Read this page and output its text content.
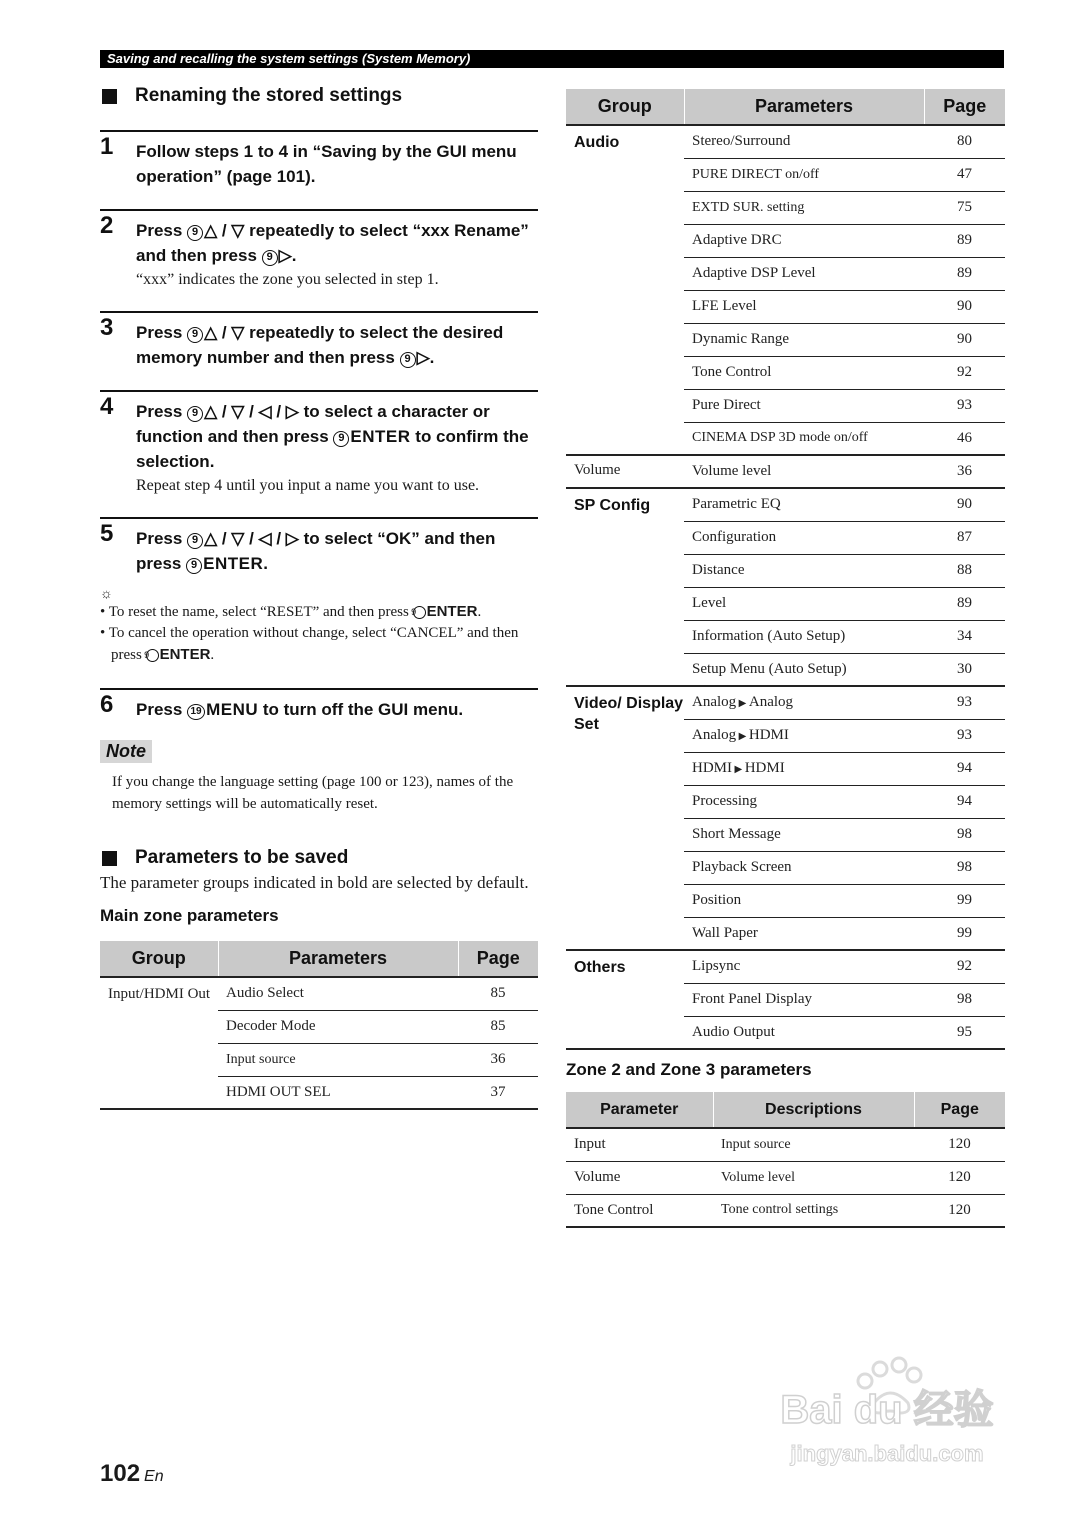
Saving and recalling the system settings (System Memory)
Renaming the stored settings
1 Follow steps 1 to 4 in “Saving by the GUI menu operation” (page 101).
2 Press 9 △ / ▽ repeatedly to select “xxx Rename” and then press 9 ▷.
“xxx” indicates the zone you selected in step 1.
3 Press 9 △ / ▽ repeatedly to select the desired memory number and then press 9 ▷.
4 Press 9 △ / ▽ / ◁ / ▷ to select a character or function and then press 9 ENTER to confirm the selection.
Repeat step 4 until you input a name you want to use.
5 Press 9 △ / ▽ / ◁ / ▷ to select “OK” and then press 9 ENTER.
☼
• To reset the name, select “RESET” and then press 9 ENTER.
• To cancel the operation without change, select “CANCEL” and then press 9 ENTER.
6 Press 19 MENU to turn off the GUI menu.
Note
If you change the language setting (page 100 or 123), names of the memory settings will be automatically reset.
Parameters to be saved
The parameter groups indicated in bold are selected by default.
Main zone parameters
Group	Parameters	Page
Input/HDMI Out	Audio Select	85
	Decoder Mode	85
	Input source	36
	HDMI OUT SEL	37
Group	Parameters	Page
Audio	Stereo/Surround	80
	PURE DIRECT on/off	47
	EXTD SUR. setting	75
	Adaptive DRC	89
	Adaptive DSP Level	89
	LFE Level	90
	Dynamic Range	90
	Tone Control	92
	Pure Direct	93
	CINEMA DSP 3D mode on/off	46
Volume	Volume level	36
SP Config	Parametric EQ	90
	Configuration	87
	Distance	88
	Level	89
	Information (Auto Setup)	34
	Setup Menu (Auto Setup)	30

Video/ Display Set	Analog ▶ Analog	93
	Analog ▶ HDMI	93
	HDMI ▶ HDMI	94
	Processing	94
	Short Message	98
	Playback Screen	98
	Position	99
	Wall Paper	99
Others	Lipsync	92
	Front Panel Display	98
	Audio Output	95
Zone 2 and Zone 3 parameters
Parameter	Descriptions	Page
Input	Input source	120
Volume	Volume level	120
Tone Control	Tone control settings	120
102 En
Bai du 经验
jingyan.baidu.com
